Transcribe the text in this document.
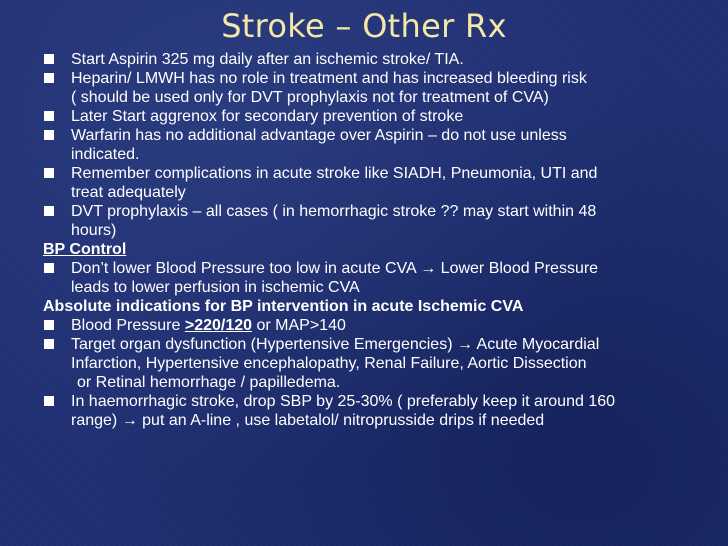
Stroke – Other Rx
Start Aspirin 325 mg daily after an ischemic stroke/ TIA.
Heparin/ LMWH has no role in treatment and has increased bleeding risk
( should be used only for DVT prophylaxis not for treatment of CVA)
Later Start aggrenox for secondary prevention of stroke
Warfarin has no additional advantage over Aspirin – do not use unless
indicated.
Remember complications in acute stroke like SIADH, Pneumonia, UTI and
treat adequately
DVT prophylaxis – all cases ( in hemorrhagic stroke ?? may start within 48
hours)
BP Control
Don’t lower Blood Pressure too low in acute CVA → Lower Blood Pressure
leads to lower perfusion in ischemic CVA
Absolute indications for BP intervention in acute Ischemic CVA
Blood Pressure >220/120 or MAP>140
Target organ dysfunction (Hypertensive Emergencies) → Acute Myocardial
Infarction, Hypertensive encephalopathy, Renal Failure, Aortic Dissection
or Retinal hemorrhage / papilledema.
In haemorrhagic stroke, drop SBP by 25-30% ( preferably keep it around 160
range) → put an A-line , use labetalol/ nitroprusside drips if needed
